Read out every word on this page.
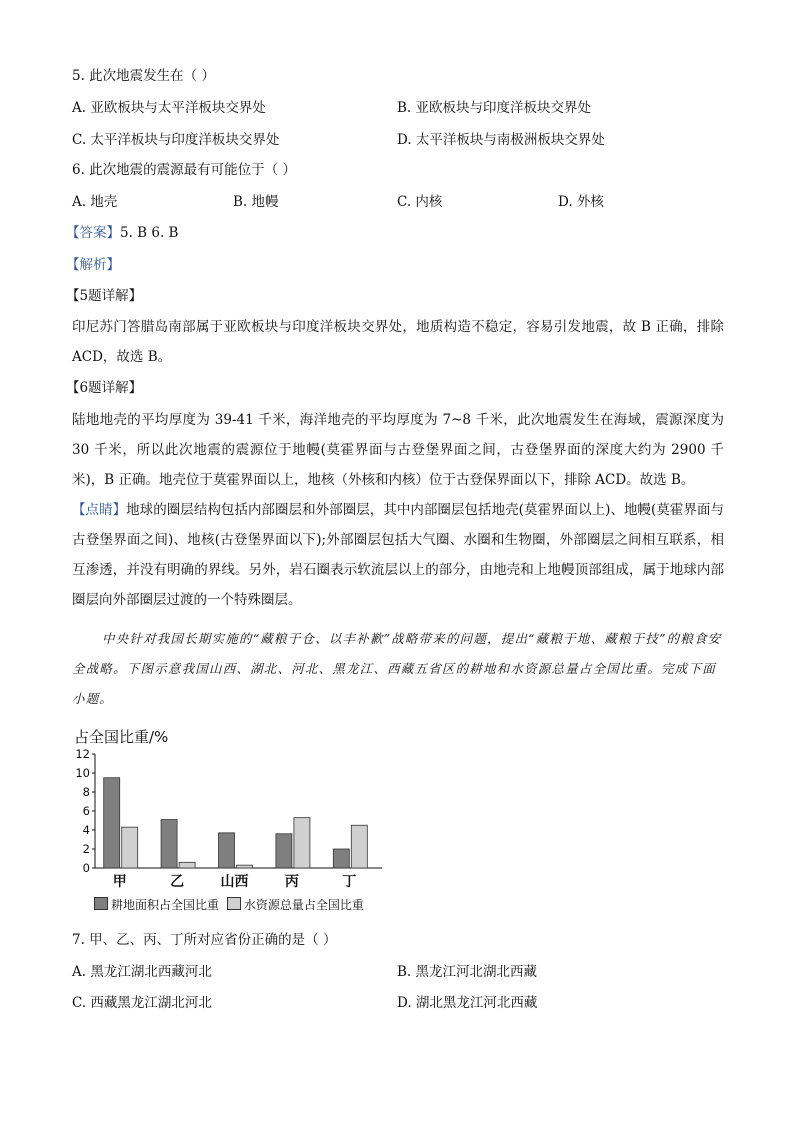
5. 此次地震发生在（ ）
A. 亚欧板块与太平洋板块交界处	B. 亚欧板块与印度洋板块交界处
C. 太平洋板块与印度洋板块交界处	D. 太平洋板块与南极洲板块交界处
6. 此次地震的震源最有可能位于（ ）
A. 地壳	B. 地幔	C. 内核	D. 外核
【答案】5. B 6. B
【解析】
【5题详解】
印尼苏门答腊岛南部属于亚欧板块与印度洋板块交界处，地质构造不稳定，容易引发地震，故 B 正确，排除 ACD，故选 B。
【6题详解】
陆地地壳的平均厚度为 39-41 千米，海洋地壳的平均厚度为 7~8 千米，此次地震发生在海域，震源深度为 30 千米，所以此次地震的震源位于地幔(莫霍界面与古登堡界面之间，古登堡界面的深度大约为 2900 千米)，B 正确。地壳位于莫霍界面以上，地核（外核和内核）位于古登保界面以下，排除 ACD。故选 B。
【点睛】地球的圈层结构包括内部圈层和外部圈层，其中内部圈层包括地壳(莫霍界面以上)、地幔(莫霍界面与古登堡界面之间)、地核(古登堡界面以下);外部圈层包括大气圈、水圈和生物圈，外部圈层之间相互联系，相互渗透，并没有明确的界线。另外，岩石圈表示软流层以上的部分，由地壳和上地幔顶部组成，属于地球内部圈层向外部圈层过渡的一个特殊圈层。
中央针对我国长期实施的“藏粮于仓、以丰补歉”战略带来的问题，提出“藏粮于地、藏粮于技”的粮食安全战略。下图示意我国山西、湖北、河北、黑龙江、西藏五省区的耕地和水资源总量占全国比重。完成下面小题。
占全国比重/%
0
2
4
6
8
10
12
甲	乙	山西	丙	丁
耕地面积占全国比重 水资源总量占全国比重
7. 甲、乙、丙、丁所对应省份正确的是（ ）
A. 黑龙江湖北西藏河北	B. 黑龙江河北湖北西藏
C. 西藏黑龙江湖北河北	D. 湖北黑龙江河北西藏
